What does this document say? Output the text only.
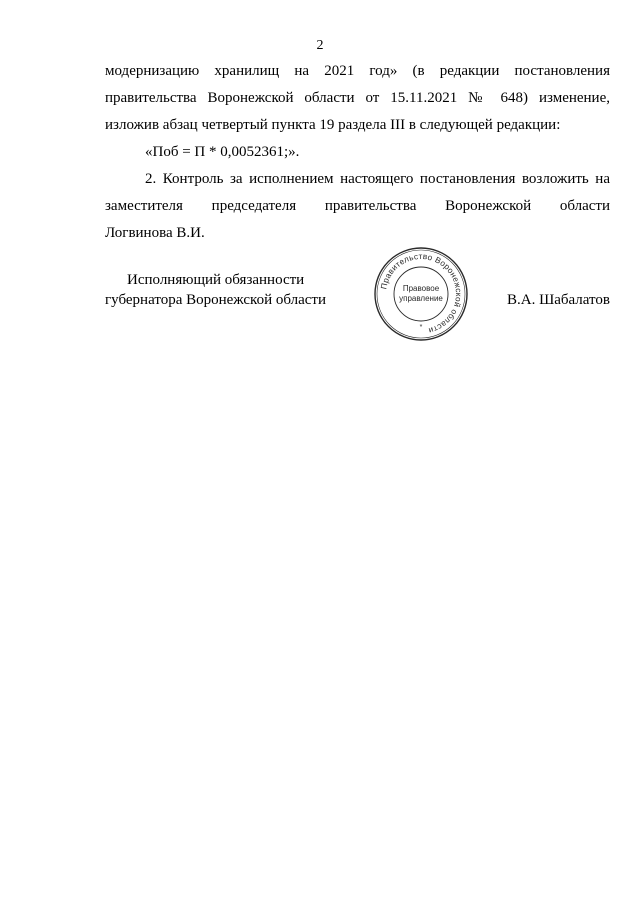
2
модернизацию хранилищ на 2021 год» (в редакции постановления
правительства Воронежской области от 15.11.2021 № 648) изменение,
изложив абзац четвертый пункта 19 раздела III в следующей редакции:
«Поб = П * 0,0052361;».
2. Контроль за исполнением настоящего постановления возложить на
заместителя председателя правительства Воронежской области
Логвинова В.И.
Исполняющий обязанности
губернатора Воронежской области
Правительство Воронежской области
*
Правовое
управление	В.А. Шабалатов
